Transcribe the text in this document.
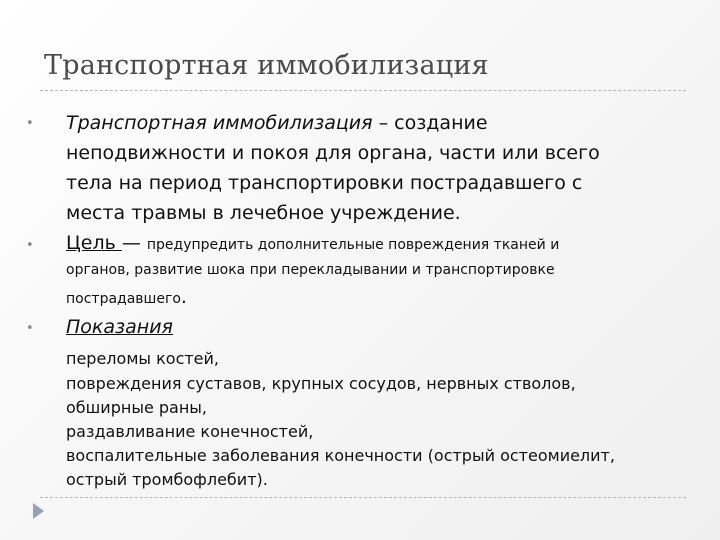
Транспортная иммобилизация
• Транспортная иммобилизация – создание
неподвижности и покоя для органа, части или всего
тела на период транспортировки пострадавшего с
места травмы в лечебное учреждение.
• Цель — предупредить дополнительные повреждения тканей и
органов, развитие шока при перекладывании и транспортировке
пострадавшего.
• Показания
переломы костей,
повреждения суставов, крупных сосудов, нервных стволов,
обширные раны,
раздавливание конечностей,
воспалительные заболевания конечности (острый остеомиелит,
острый тромбофлебит).
